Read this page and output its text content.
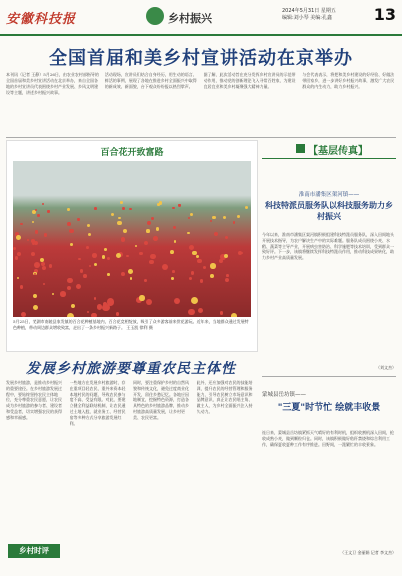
安徽科技报	乡村振兴
2024年5月31日 星期五
编辑:刘小琴 美编:孔鑫	13
全国首届和美乡村宣讲活动在京举办
本刊讯（记者 王静）5月26日，由农业农村部指导的全国首届和美乡村宣讲活动在北京举办，来自全国各地的乡村宣讲员代表围绕乡村产业发展、乡风文明建设等主题，讲述乡村振兴故事。
活动现场，宣讲员们结合自身经历，用生动的语言、鲜活的事例，展现了各地在推进乡村全面振兴中取得的新成效、新面貌，台下观众纷纷报以热烈掌声。
据了解，此次活动旨在充分发挥乡村宣讲员的示范带动作用，推动党的创新理论飞入寻常百姓家，为建设宜居宜业和美乡村凝聚强大精神力量。
与会代表表示，将把和美乡村建设的好经验、好做法带回家乡，进一步讲好乡村振兴故事，激发广大农民群众的内生动力，助力乡村振兴。
百合花开致富路
5月25日，芜湖市南陵县家发镇的百合花种植基地内，百合花竞相绽放，吸引了众多游客前来赏花游玩。近年来，当地群众通过发展特色种植，带动周边群众增收致富，走出了一条乡村振兴新路子。 王玉凯 徐利 摄
发展乡村旅游要尊重农民主体性
发展乡村旅游，是推动乡村振兴的重要途径。在乡村旅游发展过程中，要始终坚持农民主体地位，充分尊重农民意愿，让农民成为乡村旅游的参与者、建设者和受益者，切实增强农民的获得感和幸福感。
一些地方在发展乡村旅游时，存在重项目轻农民、重外来资本轻本地村民的问题，导致农民参与度不高、受益有限。对此，要建立健全利益联结机制，让农民通过土地入股、就业务工、经营民宿等多种方式分享旅游发展红利。
同时，要注重保护乡村的自然风貌和传统文化，避免过度商业化开发，留住乡愁记忆。各地应因地制宜，挖掘特色资源，打造各具特色的乡村旅游品牌，推动乡村旅游高质量发展，让乡村更美、农民更富。
此外，还应加强对农民的技能培训，提升农民的经营管理和服务能力，引导农民树立市场意识和品牌意识，真正让农民唱主角、做主人，为乡村全面振兴注入持久动力。
乡村时评
【基层传真】
淮南市潘集区架河镇——
科技特派员服务队以科技服务助力乡村振兴
今年以来，淮南市潘集区架河镇积极组建科技特派员服务队，深入田间地头开展技术指导，为农户解决生产中的实际难题。服务队成员围绕小麦、水稻、蔬菜等主导产业，开展病虫害防治、科学施肥等技术培训，受到群众一致好评。下一步，该镇将继续发挥科技特派员作用，推动科技成果转化，助力乡村产业高质量发展。
（刘文杰）
蒙城县岳坊镇——
"三夏"时节忙 绘就丰收景
连日来，蒙城县岳坊镇紧抓天气晴好的有利时机，组织收割机深入田间，抢收成熟小麦，做到颗粒归仓。同时，该镇积极做好秸秆禁烧和综合利用工作，确保夏收夏种工作有序推进。田野间，一派繁忙的丰收景象。
（王文卫 金丽娟 记者 李文杰）
